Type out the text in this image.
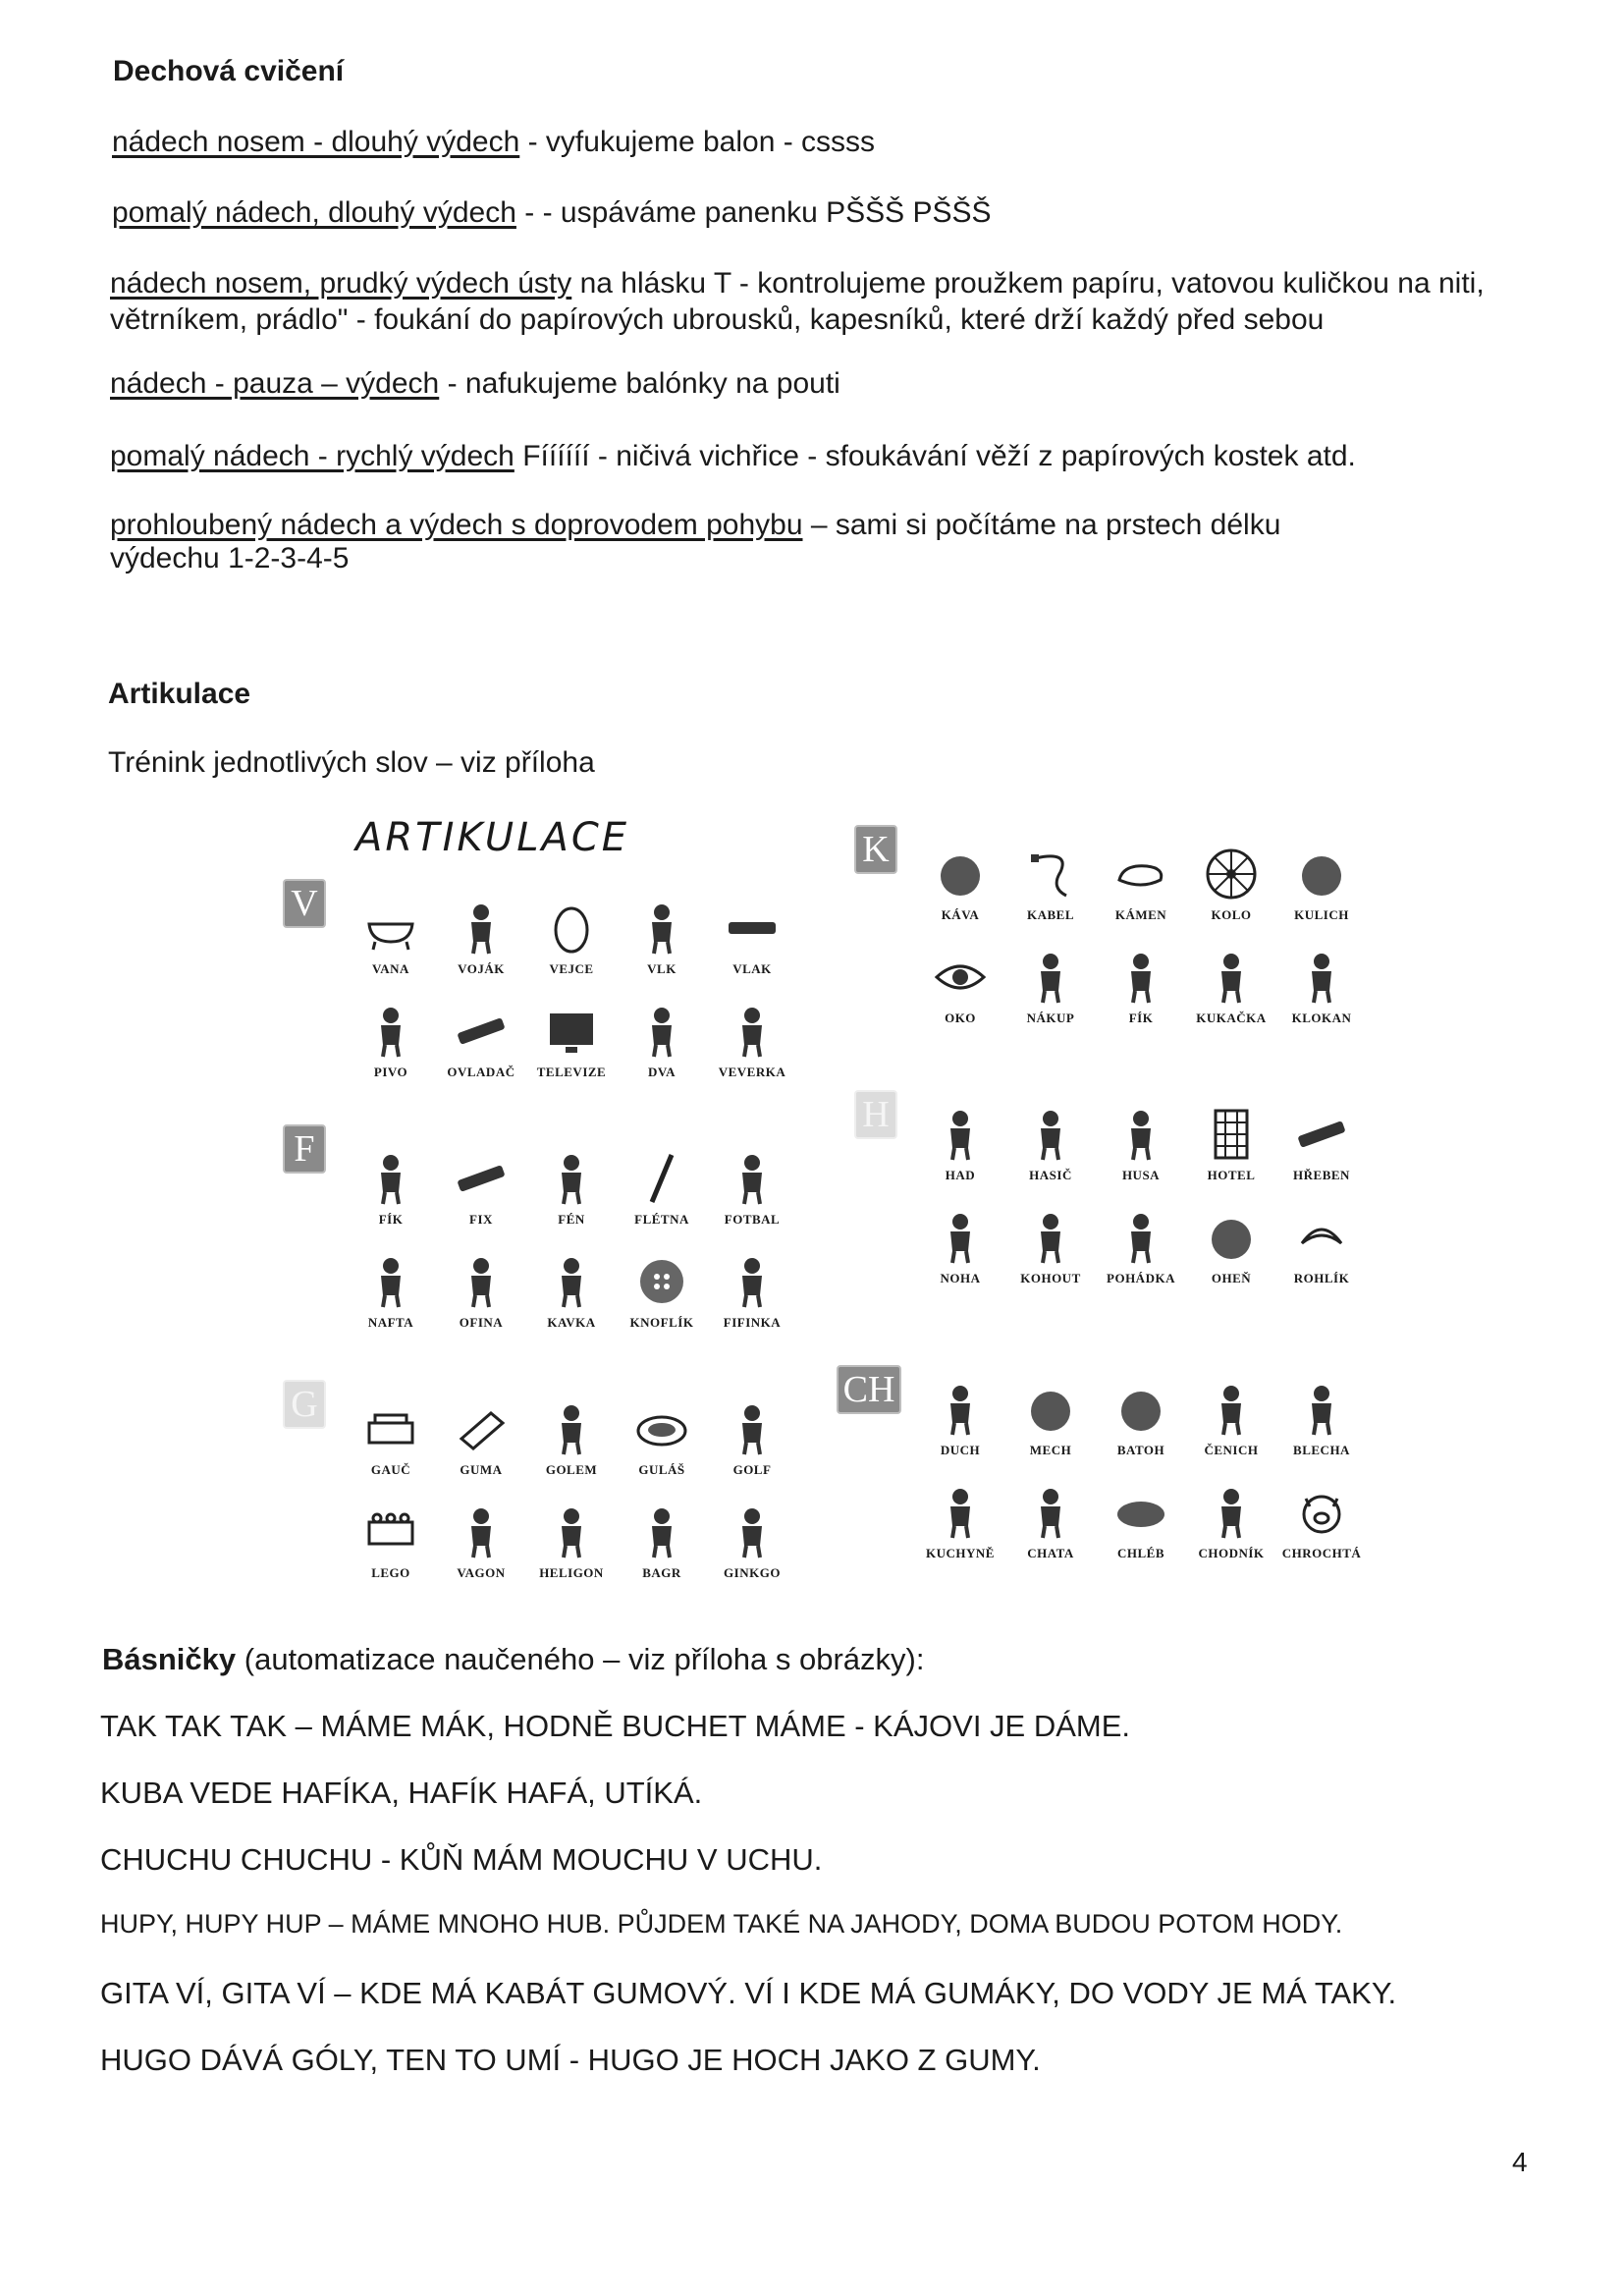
Dechová cvičení
nádech nosem - dlouhý výdech - vyfukujeme balon - cssss
pomalý nádech, dlouhý výdech - - uspáváme panenku PŠŠŠ PŠŠŠ
nádech nosem, prudký výdech ústy na hlásku T - kontrolujeme proužkem papíru, vatovou kuličkou na niti,
větrníkem, prádlo" - foukání do papírových ubrousků, kapesníků, které drží každý před sebou
nádech - pauza – výdech - nafukujeme balónky na pouti
pomalý nádech - rychlý výdech Fíííííí - ničivá vichřice - sfoukávání věží z papírových kostek atd.
prohloubený nádech a výdech s doprovodem pohybu – sami si počítáme na prstech délku
výdechu 1-2-3-4-5
Artikulace
Trénink jednotlivých slov – viz příloha
ARTIKULACE
V
VANA	VOJÁK	VEJCE	VLK	VLAK
PIVO	OVLADAČ	TELEVIZE	DVA	VEVERKA
F
FÍK	FIX	FÉN	FLÉTNA	FOTBAL
NAFTA	OFINA	KAVKA	KNOFLÍK	FIFINKA
G
GAUČ	GUMA	GOLEM	GULÁŠ	GOLF
LEGO	VAGON	HELIGON	BAGR	GINKGO
K
KÁVA	KABEL	KÁMEN	KOLO	KULICH
OKO	NÁKUP	FÍK	KUKAČKA	KLOKAN
H
HAD	HASIČ	HUSA	HOTEL	HŘEBEN
NOHA	KOHOUT	POHÁDKA	OHEŇ	ROHLÍK
CH
DUCH	MECH	BATOH	ČENICH	BLECHA
KUCHYNĚ	CHATA	CHLÉB	CHODNÍK	CHROCHTÁ
Básničky (automatizace naučeného – viz příloha s obrázky):
TAK TAK TAK – MÁME MÁK, HODNĚ BUCHET MÁME - KÁJOVI JE DÁME.
KUBA VEDE HAFÍKA, HAFÍK HAFÁ, UTÍKÁ.
CHUCHU CHUCHU - KŮŇ MÁM MOUCHU V UCHU.
HUPY, HUPY HUP – MÁME MNOHO HUB. PŮJDEM TAKÉ NA JAHODY, DOMA BUDOU POTOM HODY.
GITA VÍ, GITA VÍ – KDE MÁ KABÁT GUMOVÝ. VÍ I KDE MÁ GUMÁKY, DO VODY JE MÁ TAKY.
HUGO DÁVÁ GÓLY, TEN TO UMÍ - HUGO JE HOCH JAKO Z GUMY.
4
